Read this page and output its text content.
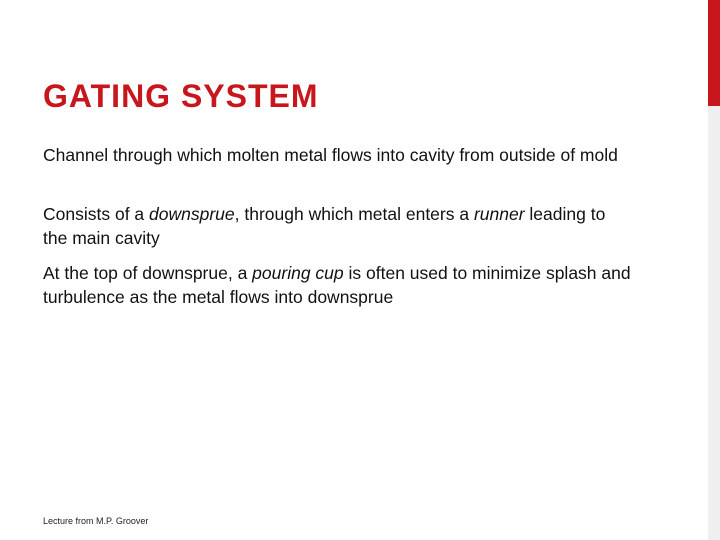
GATING SYSTEM

Channel through which molten metal flows into cavity from outside of mold

Consists of a downsprue, through which metal enters a runner leading to the main cavity

At the top of downsprue, a pouring cup is often used to minimize splash and turbulence as the metal flows into downsprue

Lecture from M.P. Groover
